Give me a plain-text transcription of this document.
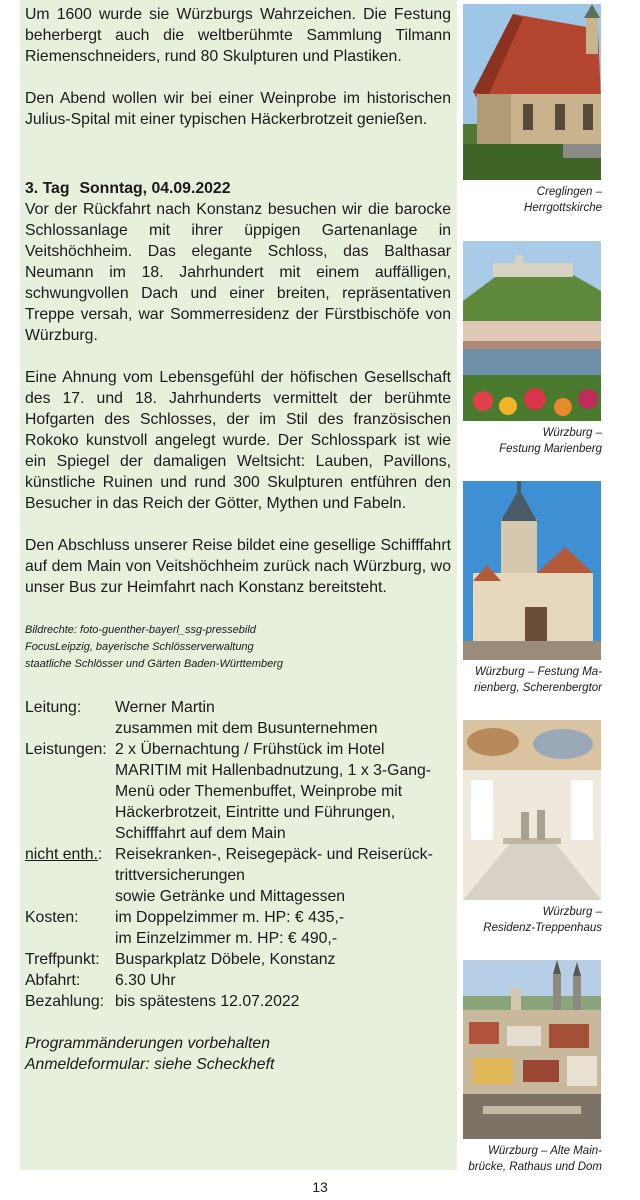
Um 1600 wurde sie Würzburgs Wahrzeichen. Die Festung beherbergt auch die weltberühmte Sammlung Tilmann Riemenschneiders, rund 80 Skulpturen und Plastiken.

Den Abend wollen wir bei einer Weinprobe im historischen Julius-Spital mit einer typischen Häckerbrotzeit genießen.

3. Tag Sonntag, 04.09.2022

Vor der Rückfahrt nach Konstanz besuchen wir die barocke Schlossanlage mit ihrer üppigen Gartenanlage in Veitshöchheim. Das elegante Schloss, das Balthasar Neumann im 18. Jahrhundert mit einem auffälligen, schwungvollen Dach und einer breiten, repräsentativen Treppe versah, war Sommerresidenz der Fürstbischöfe von Würzburg.

Eine Ahnung vom Lebensgefühl der höfischen Gesellschaft des 17. und 18. Jahrhunderts vermittelt der berühmte Hofgarten des Schlosses, der im Stil des französischen Rokoko kunstvoll angelegt wurde. Der Schlosspark ist wie ein Spiegel der damaligen Weltsicht: Lauben, Pavillons, künstliche Ruinen und rund 300 Skulpturen entführen den Besucher in das Reich der Götter, Mythen und Fabeln.

Den Abschluss unserer Reise bildet eine gesellige Schifffahrt auf dem Main von Veitshöchheim zurück nach Würzburg, wo unser Bus zur Heimfahrt nach Konstanz bereitsteht.

Bildrechte: foto-guenther-bayerl_ssg-pressebild
FocusLeipzig, bayerische Schlösserverwaltung
staatliche Schlösser und Gärten Baden-Württemberg
Leitung:	Werner Martin
zusammen mit dem Busunternehmen
Leistungen: 2 x Übernachtung / Frühstück im Hotel
MARITIM mit Hallenbadnutzung, 1 x 3-Gang-
Menü oder Themenbuffet, Weinprobe mit
Häckerbrotzeit, Eintritte und Führungen,
Schifffahrt auf dem Main
nicht enth.: Reisekranken-, Reisegepäck- und Reiserück-
trittversicherungen
sowie Getränke und Mittagessen
Kosten:	im Doppelzimmer m. HP: € 435,-
im Einzelzimmer m. HP: € 490,-
Treffpunkt: Busparkplatz Döbele, Konstanz
Abfahrt:	6.30 Uhr
Bezahlung: bis spätestens 12.07.2022
Programmänderungen vorbehalten
Anmeldeformular: siehe Scheckheft
Creglingen –
Herrgottskirche
Würzburg –
Festung Marienberg
Würzburg – Festung Ma-
rienberg, Scherenbergtor
Würzburg –
Residenz-Treppenhaus
Würzburg – Alte Main-
brücke, Rathaus und Dom
13
